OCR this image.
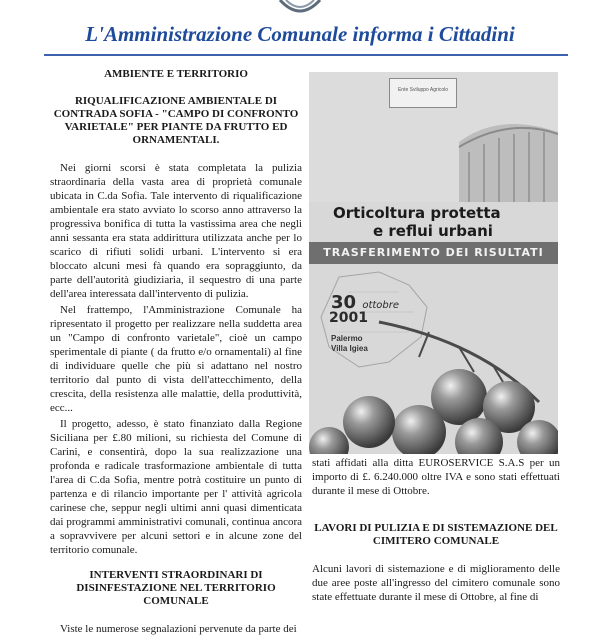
L'Amministrazione Comunale informa i Cittadini
AMBIENTE E TERRITORIO
RIQUALIFICAZIONE AMBIENTALE DI CONTRADA SOFIA - "CAMPO DI CONFRONTO VARIETALE" PER PIANTE DA FRUTTO ED ORNAMENTALI.

Nei giorni scorsi è stata completata la pulizia straordinaria della vasta area di proprietà comunale ubicata in C.da Sofia. Tale intervento di riqualificazione ambientale era stato avviato lo scorso anno attraverso la progressiva bonifica di tutta la vastissima area che negli anni sessanta era stata addirittura utilizzata anche per lo scarico di rifiuti solidi urbani. L'intervento si era bloccato alcuni mesi fà quando era sopraggiunto, da parte dell'autorità giudiziaria, il sequestro di una parte dell'area interessata dall'intervento di pulizia.

Nel frattempo, l'Amministrazione Comunale ha ripresentato il progetto per realizzare nella suddetta area un "Campo di confronto varietale", cioè un campo sperimentale di piante ( da frutto e/o ornamentali) al fine di individuare quelle che più si adattano nel nostro territorio dal punto di vista dell'attecchimento, della crescita, della resistenza alle malattie, della produttività, ecc...

Il progetto, adesso, è stato finanziato dalla Regione Siciliana per £.80 milioni, su richiesta del Comune di Carini, e consentirà, dopo la sua realizzazione una profonda e radicale trasformazione ambientale di tutta l'area di C.da Sofia, mentre potrà costituire un punto di partenza e di rilancio importante per l' attività agricola carinese che, seppur negli ultimi anni quasi dimenticata dai programmi amministrativi comunali, continua ancora a sopravvivere per alcuni settori e in alcune zone del territorio comunale.

INTERVENTI STRAORDINARI DI DISINFESTAZIONE NEL TERRITORIO COMUNALE

Viste le numerose segnalazioni pervenute da parte dei

Ente Sviluppo Agricolo
Orticoltura protetta
e reflui urbani
TRASFERIMENTO DEI RISULTATI
30 ottobre
2001
Palermo
Villa Igiea
stati affidati alla ditta EUROSERVICE S.A.S per un importo di £. 6.240.000 oltre IVA e sono stati effettuati durante il mese di Ottobre.
LAVORI DI PULIZIA E DI SISTEMAZIONE DEL CIMITERO COMUNALE
Alcuni lavori di sistemazione e di miglioramento delle due aree poste all'ingresso del cimitero comunale sono state effettuate durante il mese di Ottobre, al fine di
